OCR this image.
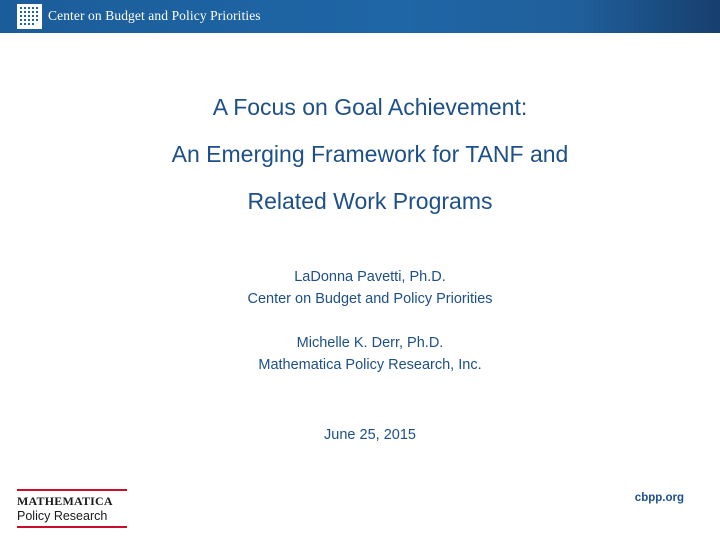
Center on Budget and Policy Priorities
A Focus on Goal Achievement:
An Emerging Framework for TANF and
Related Work Programs
LaDonna Pavetti, Ph.D.
Center on Budget and Policy Priorities
Michelle K. Derr, Ph.D.
Mathematica Policy Research, Inc.
June 25, 2015
MATHEMATICA
Policy Research
cbpp.org
